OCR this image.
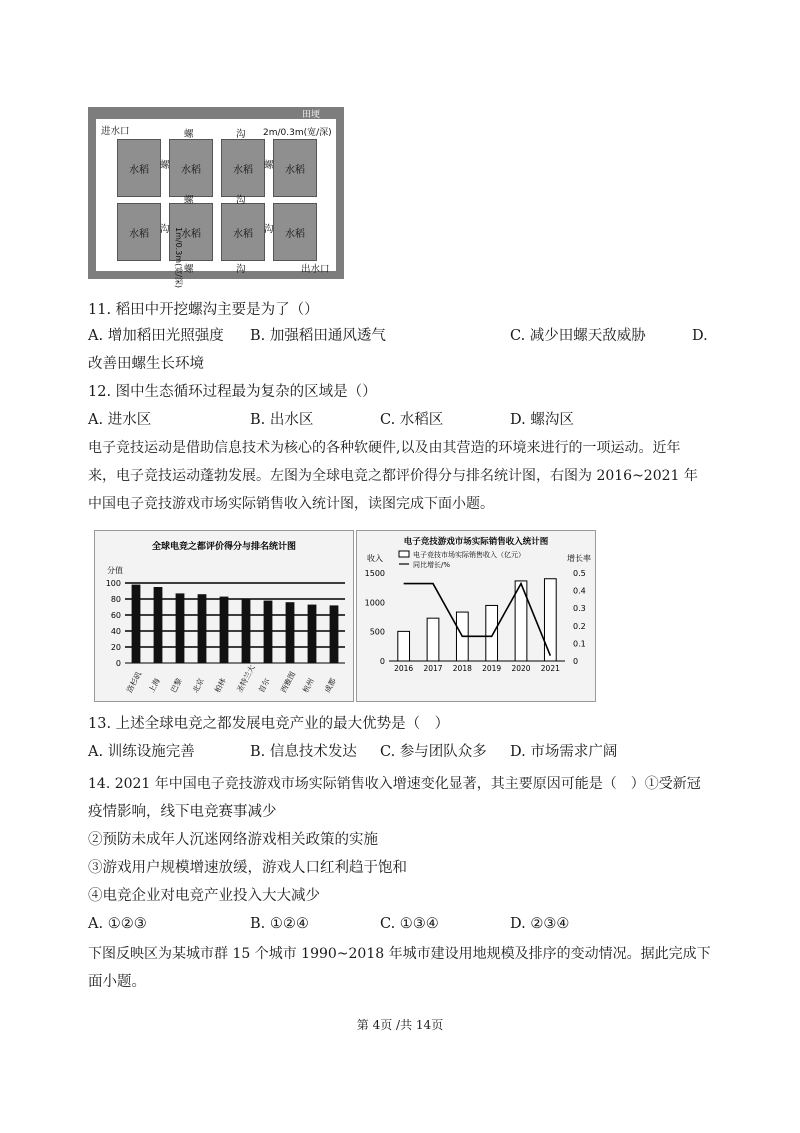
水稻	水稻	水稻	水稻
水稻	水稻	水稻	水稻
田埂
进水口
出水口
螺	沟
螺	沟
螺	沟
螺	螺
沟	沟
2m/0.3m(宽/深)
1m/0.3m(宽/深)
11. 稻田中开挖螺沟主要是为了（）
A. 增加稻田光照强度 B. 加强稻田通风透气	C. 减少田螺天敌威胁	D.
改善田螺生长环境
12. 图中生态循环过程最为复杂的区域是（）
A. 进水区	B. 出水区	C. 水稻区	D. 螺沟区
电子竞技运动是借助信息技术为核心的各种软硬件,以及由其营造的环境来进行的一项运动。近年
来，电子竞技运动蓬勃发展。左图为全球电竞之都评价得分与排名统计图，右图为 2016~2021 年
中国电子竞技游戏市场实际销售收入统计图，读图完成下面小题。
全球电竞之都评价得分与排名统计图
分值
100
80
60
40
20
0
洛杉矶 上海 巴黎 北京 柏林 圣特兰大 首尔 西雅图 杭州 成都
电子竞技游戏市场实际销售收入统计图
收入	增长率
电子竞技市场实际销售收入（亿元）
同比增长/%
1500
1000
500
0
0.5
0.4
0.3
0.2
0.1
0
2016 2017 2018 2019 2020 2021
13. 上述全球电竞之都发展电竞产业的最大优势是（　）
A. 训练设施完善	B. 信息技术发达 C. 参与团队众多 D. 市场需求广阔
14. 2021 年中国电子竞技游戏市场实际销售收入增速变化显著，其主要原因可能是（　）①受新冠
疫情影响，线下电竞赛事减少
②预防未成年人沉迷网络游戏相关政策的实施
③游戏用户规模增速放缓，游戏人口红利趋于饱和
④电竞企业对电竞产业投入大大减少
A. ①②③	B. ①②④	C. ①③④	D. ②③④
下图反映区为某城市群 15 个城市 1990~2018 年城市建设用地规模及排序的变动情况。据此完成下
面小题。
第 4页 /共 14页
